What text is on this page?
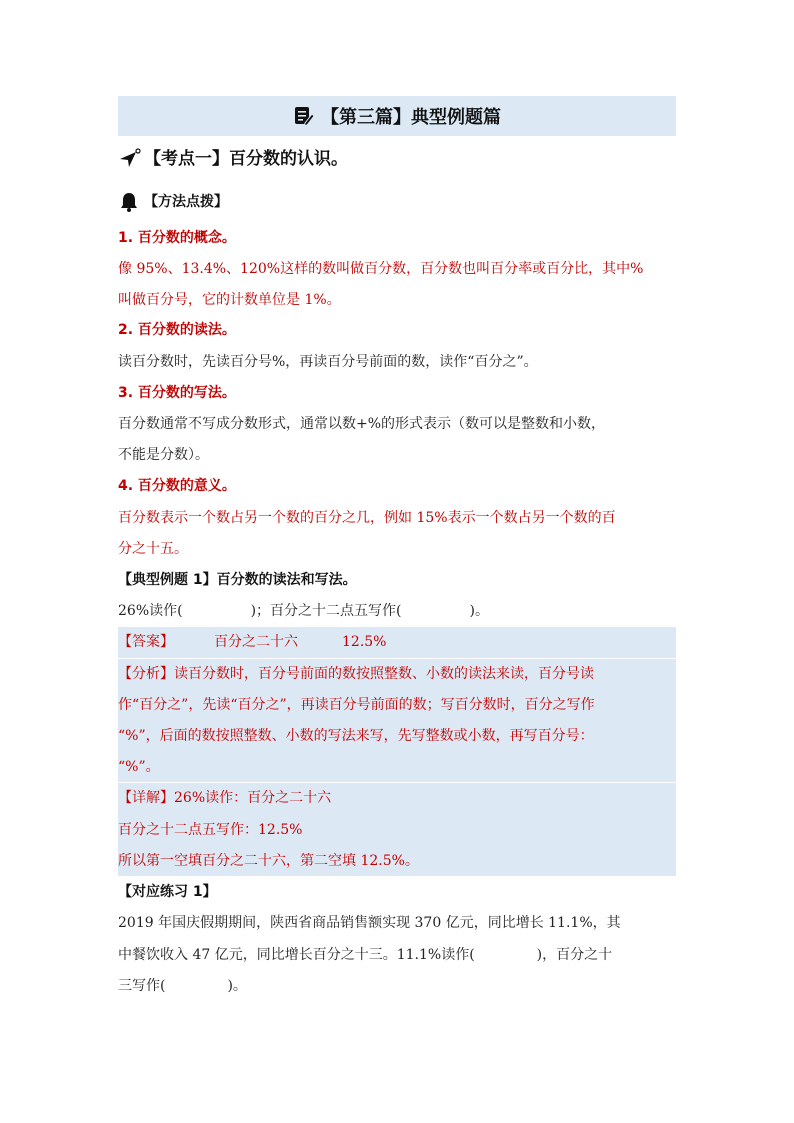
【第三篇】典型例题篇
【考点一】百分数的认识。
【方法点拨】
1. 百分数的概念。
像 95%、13.4%、120%这样的数叫做百分数，百分数也叫百分率或百分比，其中%
叫做百分号，它的计数单位是 1%。
2. 百分数的读法。
读百分数时，先读百分号%，再读百分号前面的数，读作“百分之”。
3. 百分数的写法。
百分数通常不写成分数形式，通常以数+%的形式表示（数可以是整数和小数，
不能是分数）。
4. 百分数的意义。
百分数表示一个数占另一个数的百分之几，例如 15%表示一个数占另一个数的百
分之十五。
【典型例题 1】百分数的读法和写法。
26%读作(	)；百分之十二点五写作(	)。
【答案】	百分之二十六	12.5%
【分析】读百分数时，百分号前面的数按照整数、小数的读法来读，百分号读
作“百分之”，先读“百分之”，再读百分号前面的数；写百分数时，百分之写作
“%”，后面的数按照整数、小数的写法来写，先写整数或小数，再写百分号：
“%”。
【详解】26%读作：百分之二十六
百分之十二点五写作：12.5%
所以第一空填百分之二十六，第二空填 12.5%。
【对应练习 1】
2019 年国庆假期期间，陕西省商品销售额实现 370 亿元，同比增长 11.1%，其
中餐饮收入 47 亿元，同比增长百分之十三。11.1%读作(	)，百分之十
三写作(	)。
